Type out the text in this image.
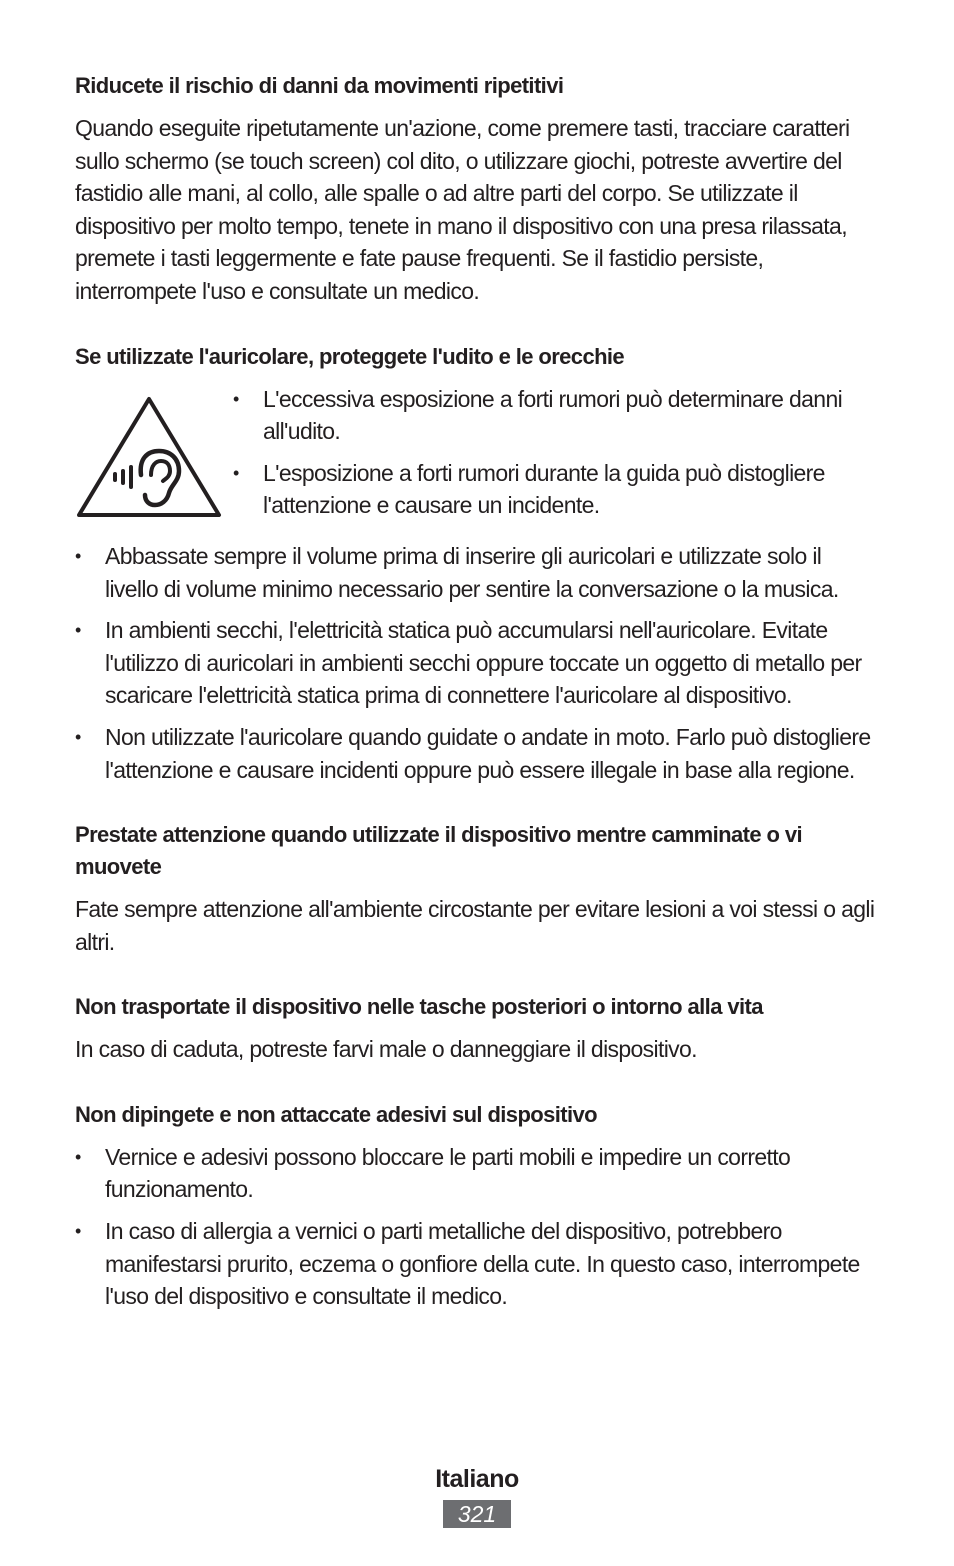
Riducete il rischio di danni da movimenti ripetitivi

Quando eseguite ripetutamente un'azione, come premere tasti, tracciare caratteri sullo schermo (se touch screen) col dito, o utilizzare giochi, potreste avvertire del fastidio alle mani, al collo, alle spalle o ad altre parti del corpo. Se utilizzate il dispositivo per molto tempo, tenete in mano il dispositivo con una presa rilassata, premete i tasti leggermente e fate pause frequenti. Se il fastidio persiste, interrompete l'uso e consultate un medico.

Se utilizzate l'auricolare, proteggete l'udito e le orecchie
•	L'eccessiva esposizione a forti rumori può determinare danni all'udito.
•	L'esposizione a forti rumori durante la guida può distogliere l'attenzione e causare un incidente.
•	Abbassate sempre il volume prima di inserire gli auricolari e utilizzate solo il livello di volume minimo necessario per sentire la conversazione o la musica.
•	In ambienti secchi, l'elettricità statica può accumularsi nell'auricolare. Evitate l'utilizzo di auricolari in ambienti secchi oppure toccate un oggetto di metallo per scaricare l'elettricità statica prima di connettere l'auricolare al dispositivo.
•	Non utilizzate l'auricolare quando guidate o andate in moto. Farlo può distogliere l'attenzione e causare incidenti oppure può essere illegale in base alla regione.
Prestate attenzione quando utilizzate il dispositivo mentre camminate o vi muovete

Fate sempre attenzione all'ambiente circostante per evitare lesioni a voi stessi o agli altri.

Non trasportate il dispositivo nelle tasche posteriori o intorno alla vita

In caso di caduta, potreste farvi male o danneggiare il dispositivo.

Non dipingete e non attaccate adesivi sul dispositivo
•	Vernice e adesivi possono bloccare le parti mobili e impedire un corretto funzionamento.
•	In caso di allergia a vernici o parti metalliche del dispositivo, potrebbero manifestarsi prurito, eczema o gonfiore della cute. In questo caso, interrompete l'uso del dispositivo e consultate il medico.
Italiano
321
